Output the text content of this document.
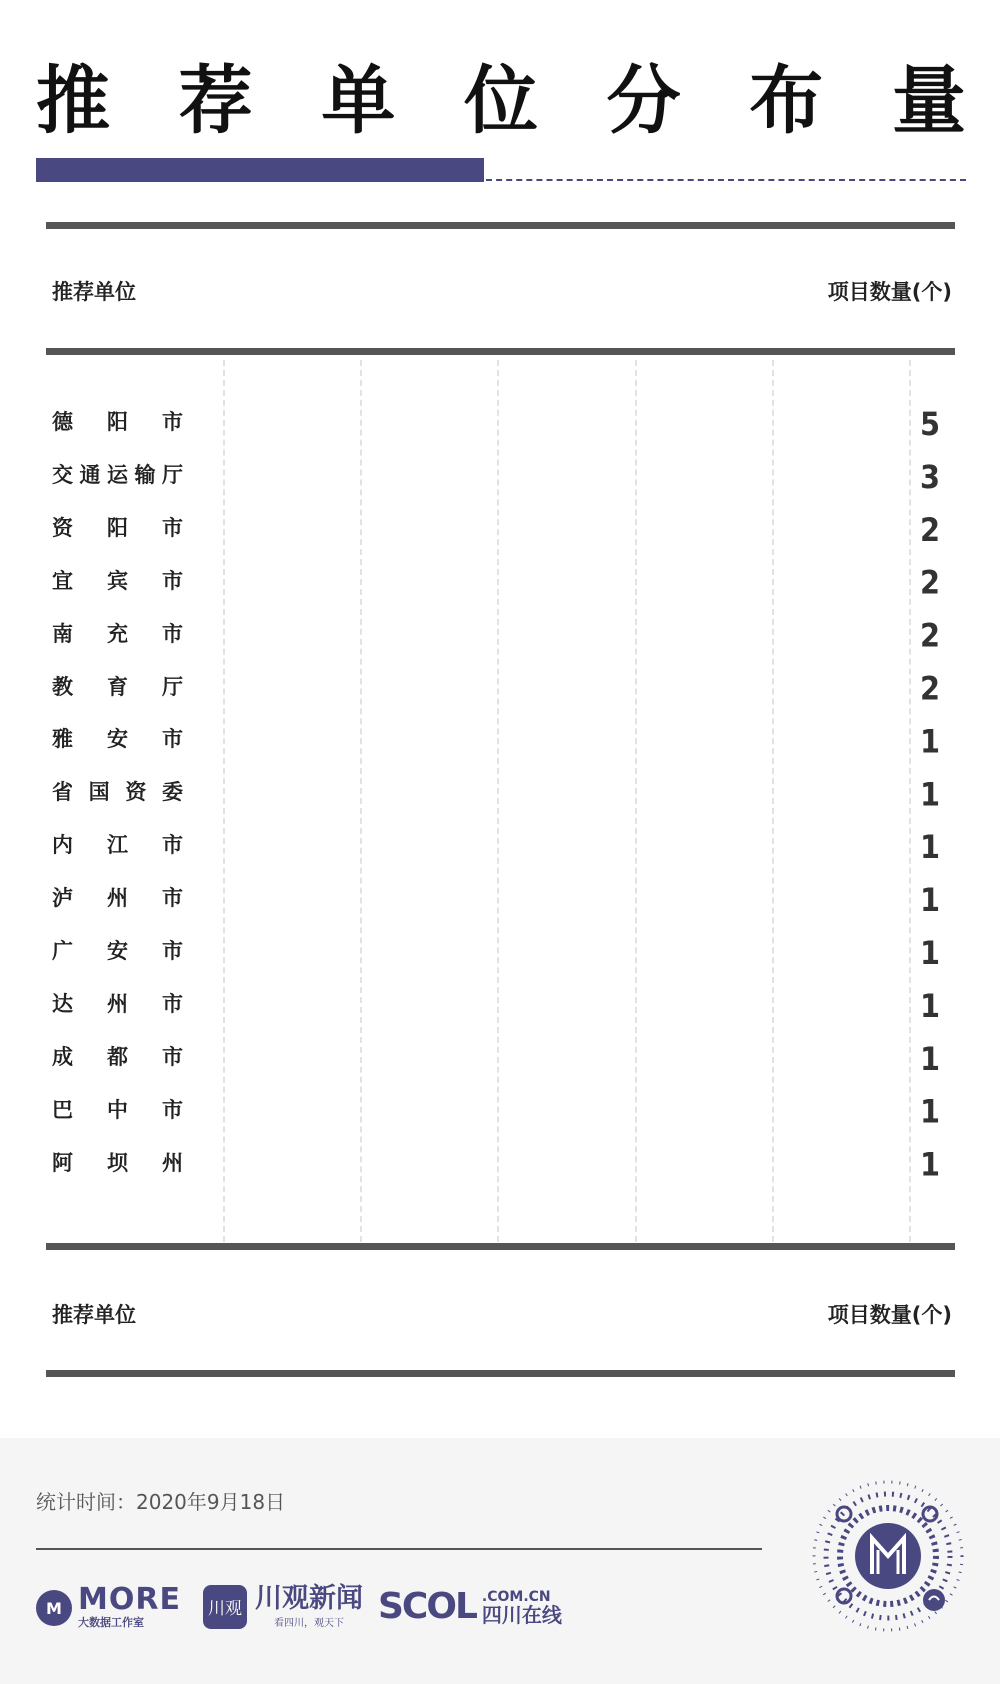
推 荐 单 位 分 布 量
推荐单位	项目数量(个)
德 阳 市
交 通 运 输 厅
资 阳 市
宜 宾 市
南 充 市
教 育 厅
雅 安 市
省 国 资 委
内 江 市
泸 州 市
广 安 市
达 州 市
成 都 市
巴 中 市
阿 坝 州
5
3
2
2
2
2
1
1
1
1
1
1
1
1
1
推荐单位	项目数量(个)
统计时间：2020年9月18日
M MORE
大数据工作室
川观 川观新闻
看四川，观天下 SCOL .COM.CN
四川在线
